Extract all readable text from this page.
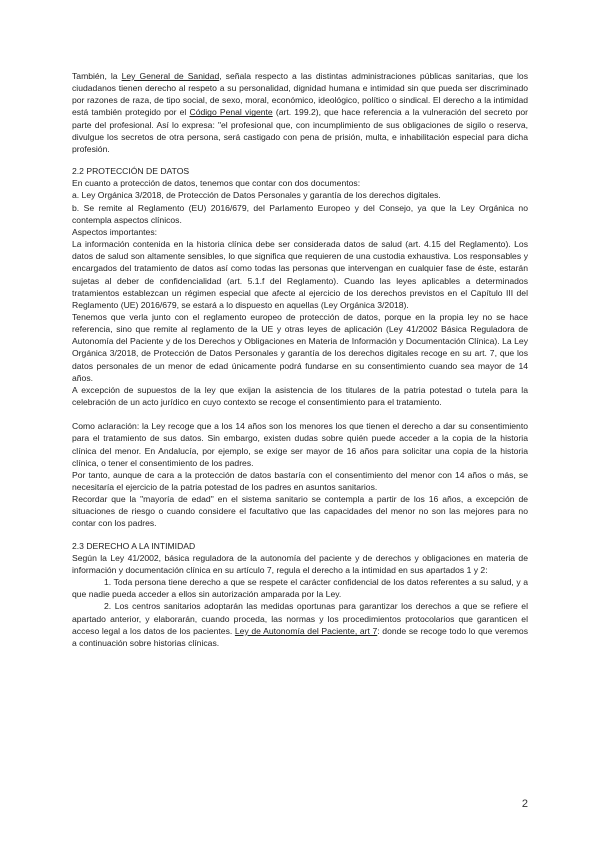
También, la Ley General de Sanidad, señala respecto a las distintas administraciones públicas sanitarias, que los ciudadanos tienen derecho al respeto a su personalidad, dignidad humana e intimidad sin que pueda ser discriminado por razones de raza, de tipo social, de sexo, moral, económico, ideológico, político o sindical. El derecho a la intimidad está también protegido por el Código Penal vigente (art. 199.2), que hace referencia a la vulneración del secreto por parte del profesional. Así lo expresa: "el profesional que, con incumplimiento de sus obligaciones de sigilo o reserva, divulgue los secretos de otra persona, será castigado con pena de prisión, multa, e inhabilitación especial para dicha profesión.

2.2 PROTECCIÓN DE DATOS

En cuanto a protección de datos, tenemos que contar con dos documentos:

a. Ley Orgánica 3/2018, de Protección de Datos Personales y garantía de los derechos digitales.

b. Se remite al Reglamento (EU) 2016/679, del Parlamento Europeo y del Consejo, ya que la Ley Orgánica no contempla aspectos clínicos.

Aspectos importantes:

La información contenida en la historia clínica debe ser considerada datos de salud (art. 4.15 del Reglamento). Los datos de salud son altamente sensibles, lo que significa que requieren de una custodia exhaustiva. Los responsables y encargados del tratamiento de datos así como todas las personas que intervengan en cualquier fase de éste, estarán sujetas al deber de confidencialidad (art. 5.1.f del Reglamento). Cuando las leyes aplicables a determinados tratamientos establezcan un régimen especial que afecte al ejercicio de los derechos previstos en el Capítulo III del Reglamento (UE) 2016/679, se estará a lo dispuesto en aquellas (Ley Orgánica 3/2018).

Tenemos que verla junto con el reglamento europeo de protección de datos, porque en la propia ley no se hace referencia, sino que remite al reglamento de la UE y otras leyes de aplicación (Ley 41/2002 Básica Reguladora de Autonomía del Paciente y de los Derechos y Obligaciones en Materia de Información y Documentación Clínica). La Ley Orgánica 3/2018, de Protección de Datos Personales y garantía de los derechos digitales recoge en su art. 7, que los datos personales de un menor de edad únicamente podrá fundarse en su consentimiento cuando sea mayor de 14 años.

A excepción de supuestos de la ley que exijan la asistencia de los titulares de la patria potestad o tutela para la celebración de un acto jurídico en cuyo contexto se recoge el consentimiento para el tratamiento.

Como aclaración: la Ley recoge que a los 14 años son los menores los que tienen el derecho a dar su consentimiento para el tratamiento de sus datos. Sin embargo, existen dudas sobre quién puede acceder a la copia de la historia clínica del menor. En Andalucía, por ejemplo, se exige ser mayor de 16 años para solicitar una copia de la historia clínica, o tener el consentimiento de los padres.

Por tanto, aunque de cara a la protección de datos bastaría con el consentimiento del menor con 14 años o más, se necesitaría el ejercicio de la patria potestad de los padres en asuntos sanitarios.

Recordar que la "mayoría de edad" en el sistema sanitario se contempla a partir de los 16 años, a excepción de situaciones de riesgo o cuando considere el facultativo que las capacidades del menor no son las mejores para no contar con los padres.

2.3 DERECHO A LA INTIMIDAD

Según la Ley 41/2002, básica reguladora de la autonomía del paciente y de derechos y obligaciones en materia de información y documentación clínica en su artículo 7, regula el derecho a la intimidad en sus apartados 1 y 2:

1. Toda persona tiene derecho a que se respete el carácter confidencial de los datos referentes a su salud, y a que nadie pueda acceder a ellos sin autorización amparada por la Ley.

2. Los centros sanitarios adoptarán las medidas oportunas para garantizar los derechos a que se refiere el apartado anterior, y elaborarán, cuando proceda, las normas y los procedimientos protocolarios que garanticen el acceso legal a los datos de los pacientes. Ley de Autonomía del Paciente, art 7: donde se recoge todo lo que veremos a continuación sobre historias clínicas.

2
